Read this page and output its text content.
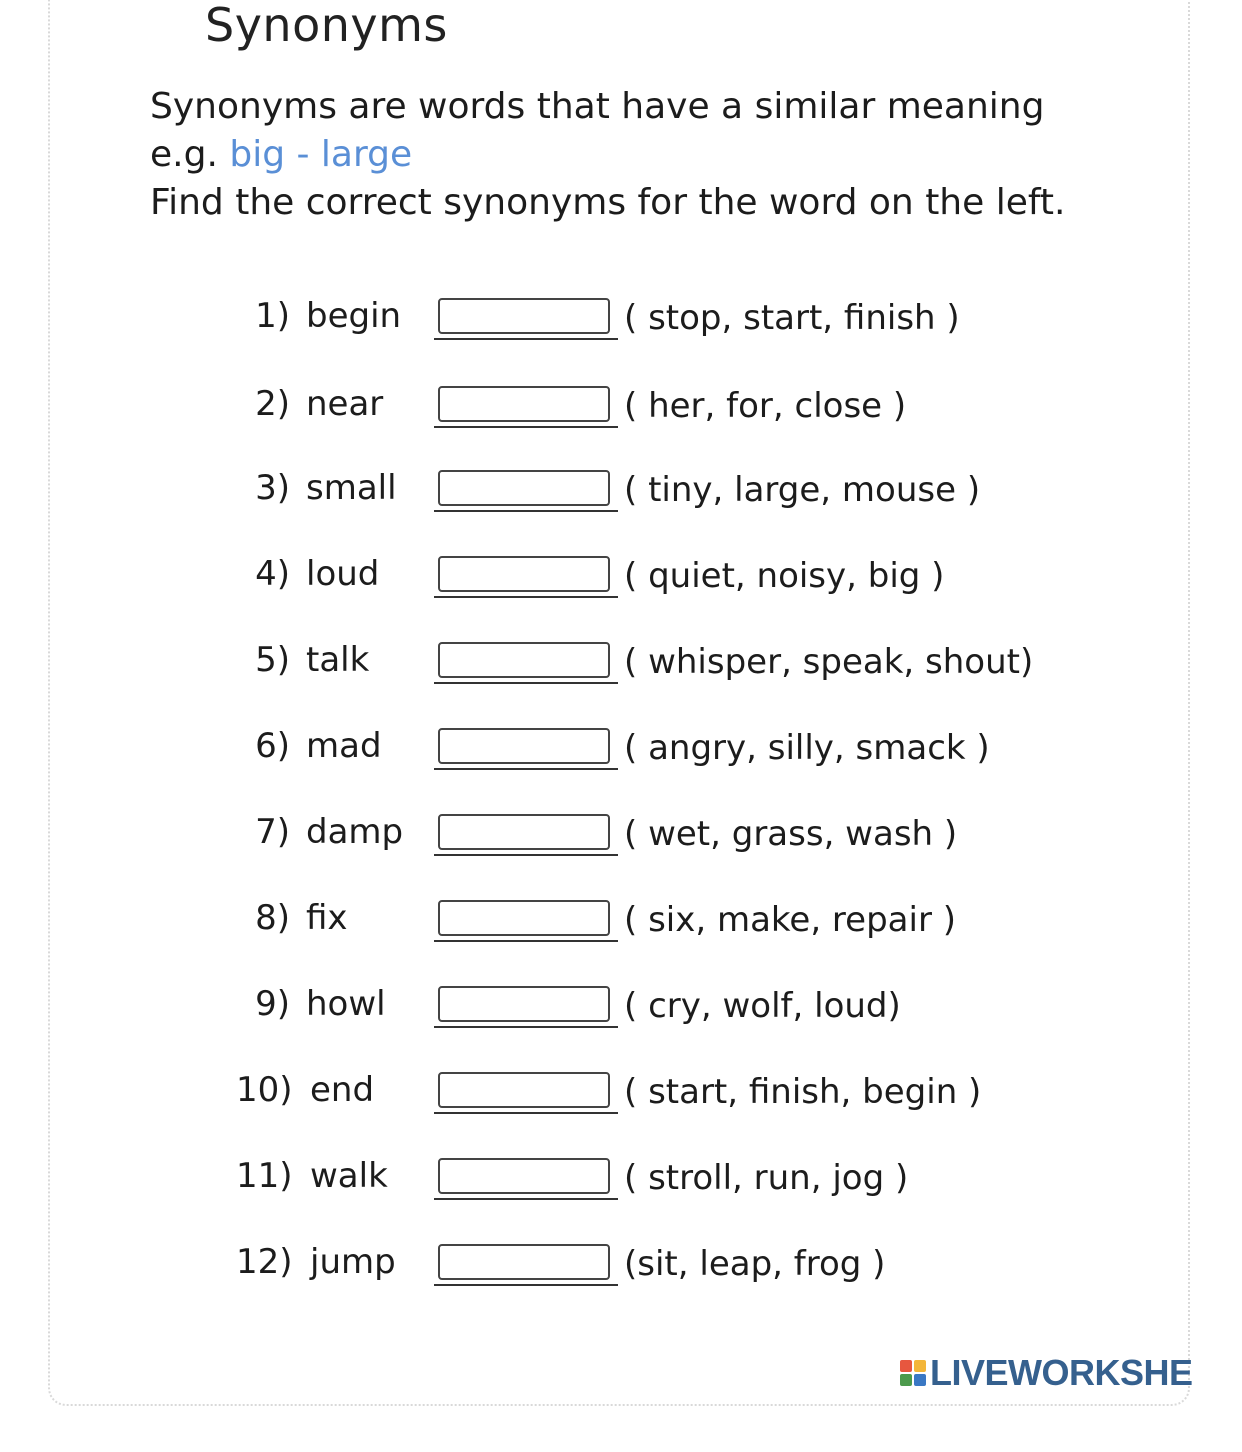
Synonyms
Synonyms are words that have a similar meaning
e.g. big - large
Find the correct synonyms for the word on the left.
1) begin	( stop, start, finish )
2) near	( her, for, close )
3) small	( tiny, large, mouse )
4) loud	( quiet, noisy, big )
5) talk	( whisper, speak, shout)
6) mad	( angry, silly, smack )
7) damp	( wet, grass, wash )
8) fix	( six, make, repair )
9) howl	( cry, wolf, loud)
10) end	( start, finish, begin )
11) walk	( stroll, run, jog )
12) jump	(sit, leap, frog )
LIVEWORKSHE
